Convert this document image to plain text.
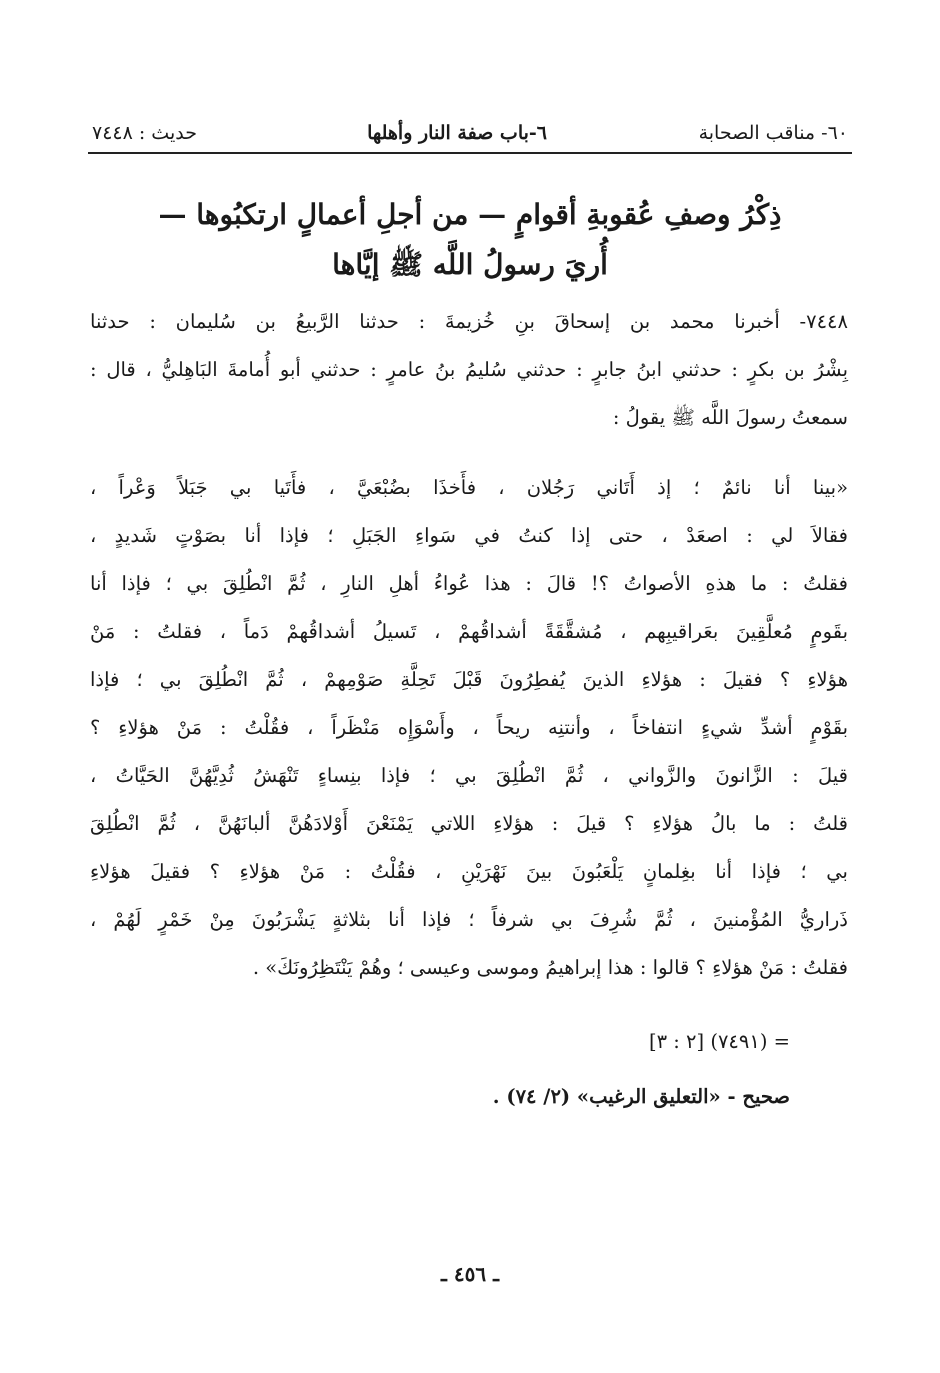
٦٠- مناقب الصحابة
٦-باب صفة النار وأهلها
حديث : ٧٤٤٨
ذِكْرُ وصفِ عُقوبةِ أقوامٍ — من أجلِ أعمالٍ ارتكبُوها —
أُريَ رسولُ اللَّه ﷺ إيَّاها
٧٤٤٨- أخبرنا محمد بن إسحاقَ بنِ خُزيمةَ : حدثنا الرَّبيعُ بن سُليمان : حدثنا
بِشْرُ بن بكرٍ : حدثني ابنُ جابرٍ : حدثني سُليمُ بنُ عامرٍ : حدثني أبو أُمامةَ البَاهِليُّ ، قال :
سمعتُ رسولَ اللَّه ﷺ يقولُ :
«بينا أنا نائمٌ ؛ إذ أَتَاني رَجُلان ، فأَخذَا بضُبْعَيَّ ، فأَتَيا بي جَبَلاً وَعْراً ،
فقالاَ لي : اصعَدْ ، حتى إذا كنتُ في سَواءِ الجَبَلِ ؛ فإذا أنا بصَوْتٍ شَديدٍ ،
فقلتُ : ما هذهِ الأصواتُ ؟! قالَ : هذا عُواءُ أهلِ النارِ ، ثُمَّ انْطُلِقَ بي ؛ فإذا أنا
بقَومٍ مُعلَّقِينَ بعَراقيبِهم ، مُشقَّقَةً أشداقُهمْ ، تَسيلُ أشداقُهمْ دَماً ، فقلتُ : مَنْ
هؤلاءِ ؟ فقيلَ : هؤلاءِ الذينَ يُفطِرُونَ قَبْلَ تَحِلَّةِ صَوْمِهمْ ، ثُمَّ انْطُلِقَ بي ؛ فإذا
بقَوْمٍ أشدِّ شيءٍ انتفاخاً ، وأنتنِه ريحاً ، وأَسْوَإِه مَنْظَراً ، فقُلْتُ : مَنْ هؤلاءِ ؟
قيلَ : الزَّانونَ والزَّواني ، ثُمَّ انْطُلِقَ بي ؛ فإذا بنِساءٍ تَنْهَشُ ثُدِيَّهُنَّ الحَيَّاتُ ،
قلتُ : ما بالُ هؤلاءِ ؟ قيلَ : هؤلاءِ اللاتي يَمْنَعْنَ أَوْلادَهُنَّ ألبانَهُنَّ ، ثُمَّ انْطُلِقَ
بي ؛ فإذا أنا بغِلمانٍ يَلْعَبُونَ بينَ نَهْرَيْنِ ، فقُلْتُ : مَنْ هؤلاءِ ؟ فقيلَ هؤلاءِ
ذَراريُّ المُؤْمنينَ ، ثُمَّ شُرِفَ بي شرفاً ؛ فإذا أنا بثلاثةٍ يَشْرَبُونَ مِنْ خَمْرٍ لَهُمْ ،
فقلتُ : مَنْ هؤلاءِ ؟ قالوا : هذا إبراهيمُ وموسى وعيسى ؛ وهُمْ يَنْتَظِرُونَكَ» .
= (٧٤٩١) [٢ : ٣]
صحيح - «التعليق الرغيب» (٢/ ٧٤) .
ـ ٤٥٦ ـ
